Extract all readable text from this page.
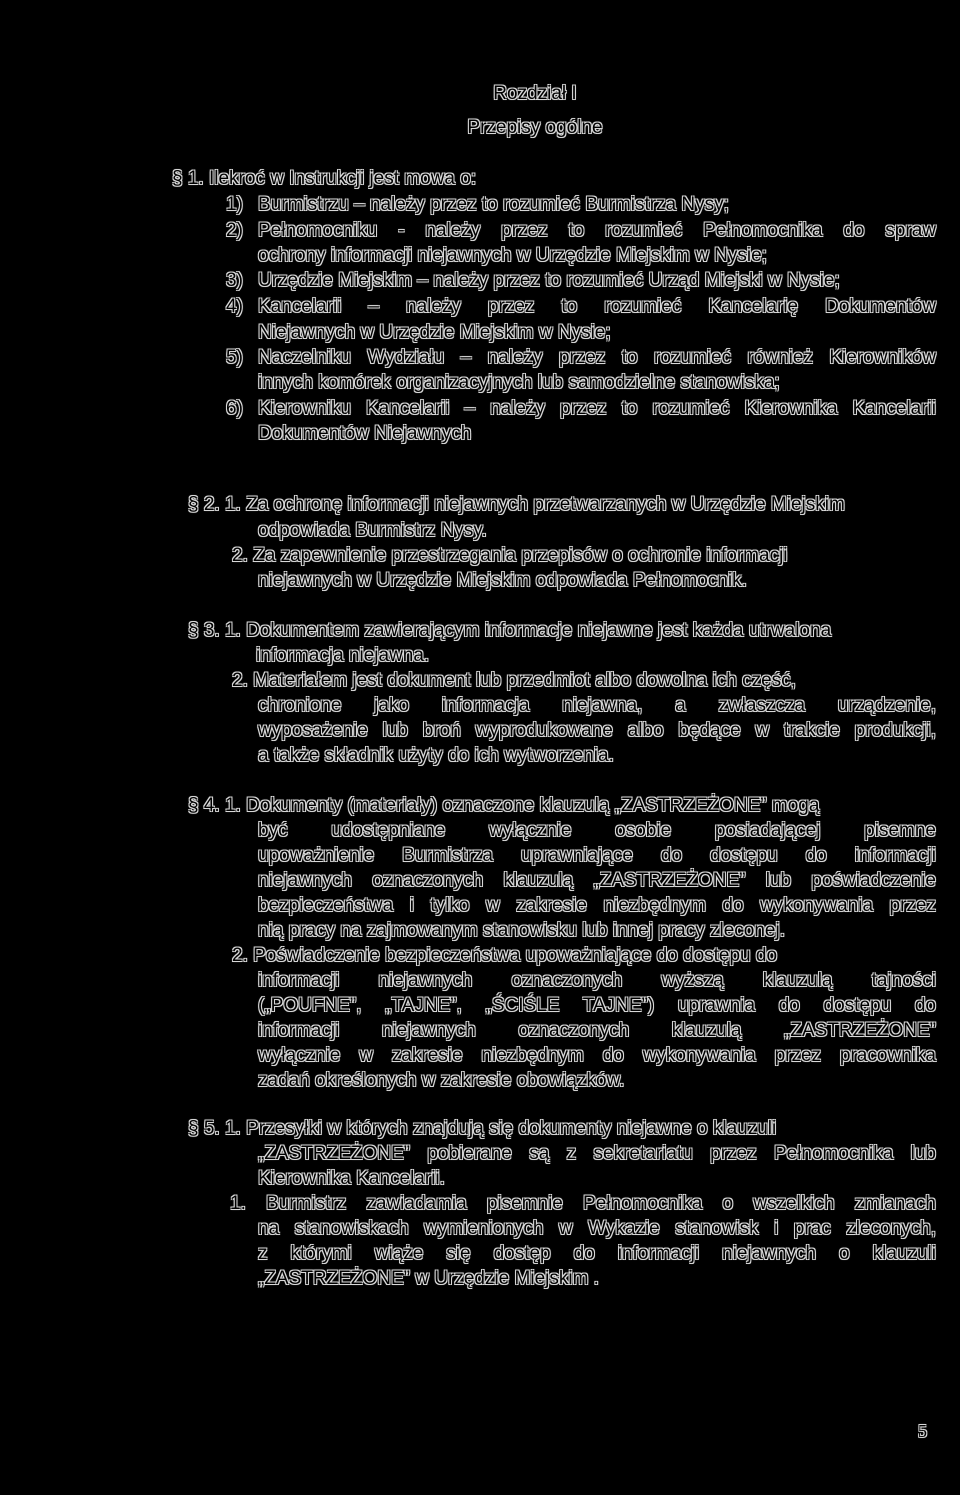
Rozdział I
Przepisy ogólne
§ 1. Ilekroć w Instrukcji jest mowa o:
1) Burmistrzu – należy przez to rozumieć Burmistrza Nysy;
2) Pełnomocniku - należy przez to rozumieć Pełnomocnika do spraw
ochrony informacji niejawnych w Urzędzie Miejskim w Nysie;
3) Urzędzie Miejskim – należy przez to rozumieć Urząd Miejski w Nysie;
4) Kancelarii – należy przez to rozumieć Kancelarię Dokumentów
Niejawnych w Urzędzie Miejskim w Nysie;
5) Naczelniku Wydziału – należy przez to rozumieć również Kierowników
innych komórek organizacyjnych lub samodzielne stanowiska;
6) Kierowniku Kancelarii – należy przez to rozumieć Kierownika Kancelarii
Dokumentów Niejawnych
§ 2. 1. Za ochronę informacji niejawnych przetwarzanych w Urzędzie Miejskim
odpowiada Burmistrz Nysy.
2. Za zapewnienie przestrzegania przepisów o ochronie informacji
niejawnych w Urzędzie Miejskim odpowiada Pełnomocnik.
§ 3. 1. Dokumentem zawierającym informacje niejawne jest każda utrwalona
informacja niejawna.
2. Materiałem jest dokument lub przedmiot albo dowolna ich część,
chronione jako informacja niejawna, a zwłaszcza urządzenie,
wyposażenie lub broń wyprodukowane albo będące w trakcie produkcji,
a także składnik użyty do ich wytworzenia.
§ 4. 1. Dokumenty (materiały) oznaczone klauzulą „ZASTRZEŻONE” mogą
być udostępniane wyłącznie osobie posiadającej pisemne
upoważnienie Burmistrza uprawniające do dostępu do informacji
niejawnych oznaczonych klauzulą „ZASTRZEŻONE” lub poświadczenie
bezpieczeństwa i tylko w zakresie niezbędnym do wykonywania przez
nią pracy na zajmowanym stanowisku lub innej pracy zleconej.
2. Poświadczenie bezpieczeństwa upoważniające do dostępu do
informacji niejawnych oznaczonych wyższą klauzulą tajności
(„POUFNE”, „TAJNE”, „ŚCIŚLE TAJNE”) uprawnia do dostępu do
informacji niejawnych oznaczonych klauzulą „ZASTRZEŻONE”
wyłącznie w zakresie niezbędnym do wykonywania przez pracownika
zadań określonych w zakresie obowiązków.
§ 5. 1. Przesyłki w których znajdują się dokumenty niejawne o klauzuli
„ZASTRZEŻONE” pobierane są z sekretariatu przez Pełnomocnika lub
Kierownika Kancelarii.
1. Burmistrz zawiadamia pisemnie Pełnomocnika o wszelkich zmianach
na stanowiskach wymienionych w Wykazie stanowisk i prac zleconych,
z którymi wiąże się dostęp do informacji niejawnych o klauzuli
„ZASTRZEŻONE” w Urzędzie Miejskim .
5
